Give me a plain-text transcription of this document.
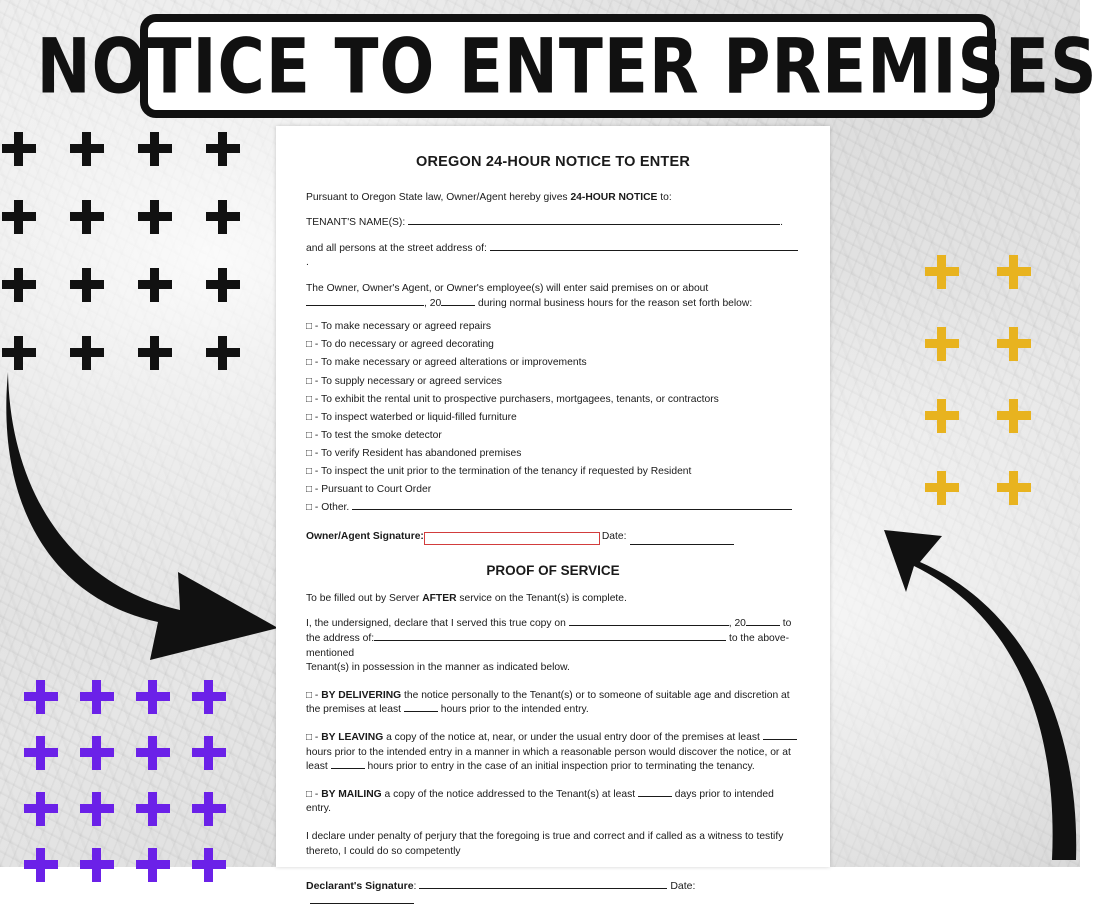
NOTICE TO ENTER PREMISES
OREGON 24-HOUR NOTICE TO ENTER

Pursuant to Oregon State law, Owner/Agent hereby gives 24-HOUR NOTICE to:

TENANT'S NAME(S):	.

and all persons at the street address of: .

The Owner, Owner's Agent, or Owner's employee(s) will enter said premises on or about
, 20	during normal business hours for the reason set forth below:

□ - To make necessary or agreed repairs
□ - To do necessary or agreed decorating
□ - To make necessary or agreed alterations or improvements
□ - To supply necessary or agreed services
□ - To exhibit the rental unit to prospective purchasers, mortgagees, tenants, or contractors
□ - To inspect waterbed or liquid-filled furniture
□ - To test the smoke detector
□ - To verify Resident has abandoned premises
□ - To inspect the unit prior to the termination of the tenancy if requested by Resident
□ - Pursuant to Court Order
□ - Other.
Owner/Agent Signature:	Date:
PROOF OF SERVICE

To be filled out by Server AFTER service on the Tenant(s) is complete.

I, the undersigned, declare that I served this true copy on	, 20	to
the address of:	to the above-mentioned
Tenant(s) in possession in the manner as indicated below.

□ - BY DELIVERING the notice personally to the Tenant(s) or to someone of suitable age and discretion at the premises at least	hours prior to the intended entry.

□ - BY LEAVING a copy of the notice at, near, or under the usual entry door of the premises at least  hours prior to the intended entry in a manner in which a reasonable person would discover the notice, or at least	hours prior to entry in the case of an initial inspection prior to terminating the tenancy.

□ - BY MAILING a copy of the notice addressed to the Tenant(s) at least	days prior to intended entry.

I declare under penalty of perjury that the foregoing is true and correct and if called as a witness to testify thereto, I could do so competently

Declarant's Signature:	Date:
